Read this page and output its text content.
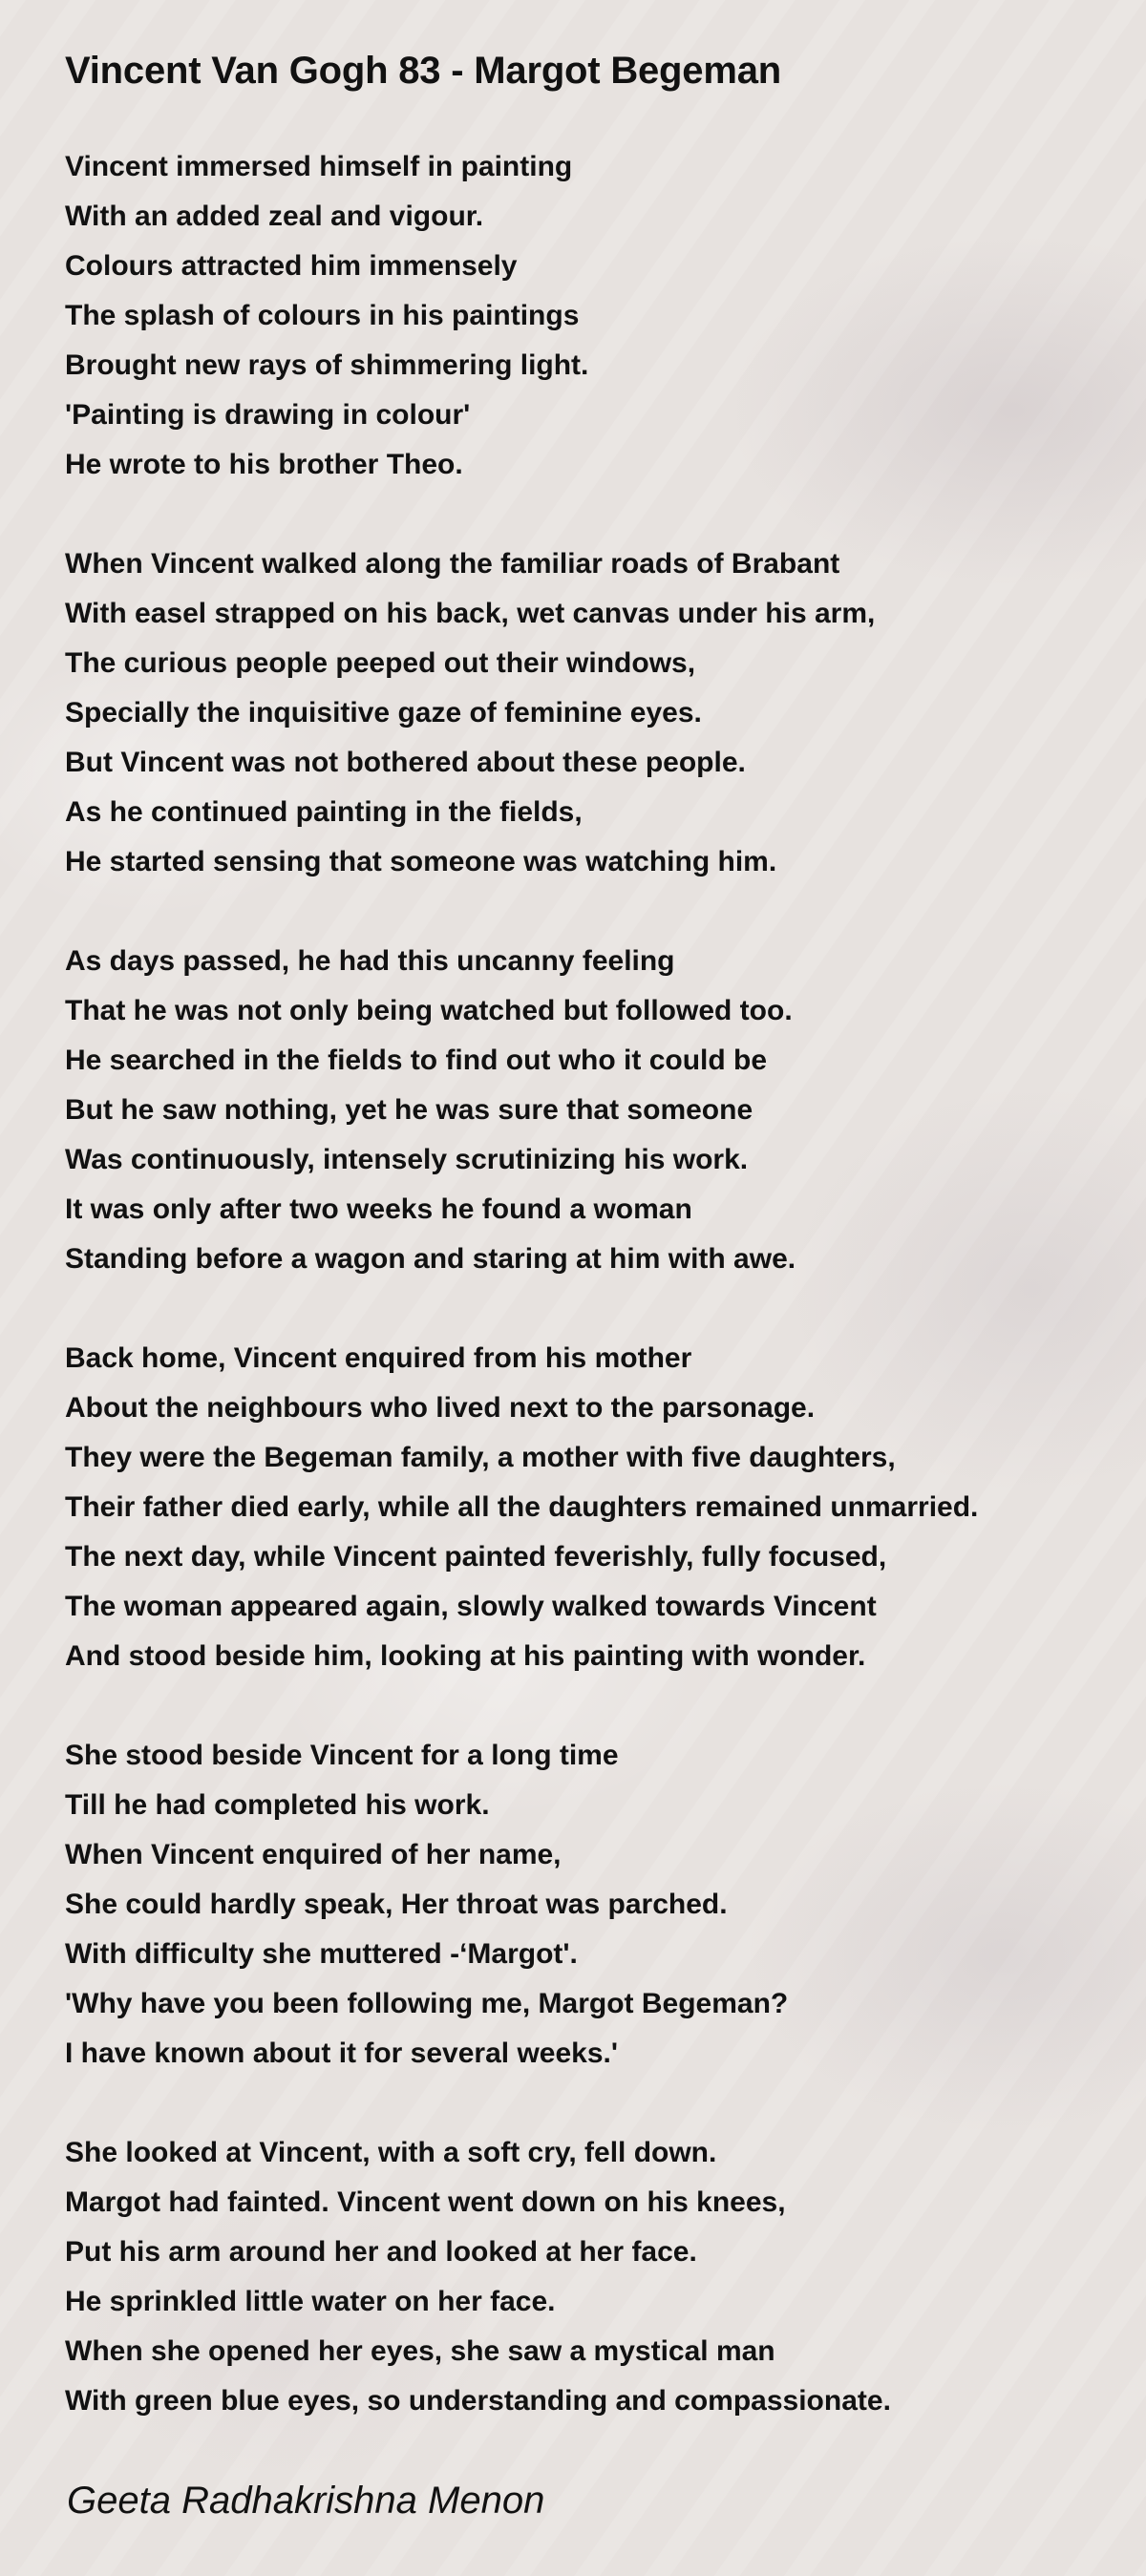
Vincent Van Gogh 83 - Margot Begeman
Vincent immersed himself in painting
With an added zeal and vigour.
Colours attracted him immensely
The splash of colours in his paintings
Brought new rays of shimmering light.
'Painting is drawing in colour'
He wrote to his brother Theo.
When Vincent walked along the familiar roads of Brabant
With easel strapped on his back, wet canvas under his arm,
The curious people peeped out their windows,
Specially the inquisitive gaze of feminine eyes.
But Vincent was not bothered about these people.
As he continued painting in the fields,
He started sensing that someone was watching him.
As days passed, he had this uncanny feeling
That he was not only being watched but followed too.
He searched in the fields to find out who it could be
But he saw nothing, yet he was sure that someone
Was continuously, intensely scrutinizing his work.
It was only after two weeks he found a woman
Standing before a wagon and staring at him with awe.
Back home, Vincent enquired from his mother
About the neighbours who lived next to the parsonage.
They were the Begeman family, a mother with five daughters,
Their father died early, while all the daughters remained unmarried.
The next day, while Vincent painted feverishly, fully focused,
The woman appeared again, slowly walked towards Vincent
And stood beside him, looking at his painting with wonder.
She stood beside Vincent for a long time
Till he had completed his work.
When Vincent enquired of her name,
She could hardly speak, Her throat was parched.
With difficulty she muttered -‘Margot'.
'Why have you been following me, Margot Begeman?
I have known about it for several weeks.'
She looked at Vincent, with a soft cry, fell down.
Margot had fainted. Vincent went down on his knees,
Put his arm around her and looked at her face.
He sprinkled little water on her face.
When she opened her eyes, she saw a mystical man
With green blue eyes, so understanding and compassionate.
Geeta Radhakrishna Menon
